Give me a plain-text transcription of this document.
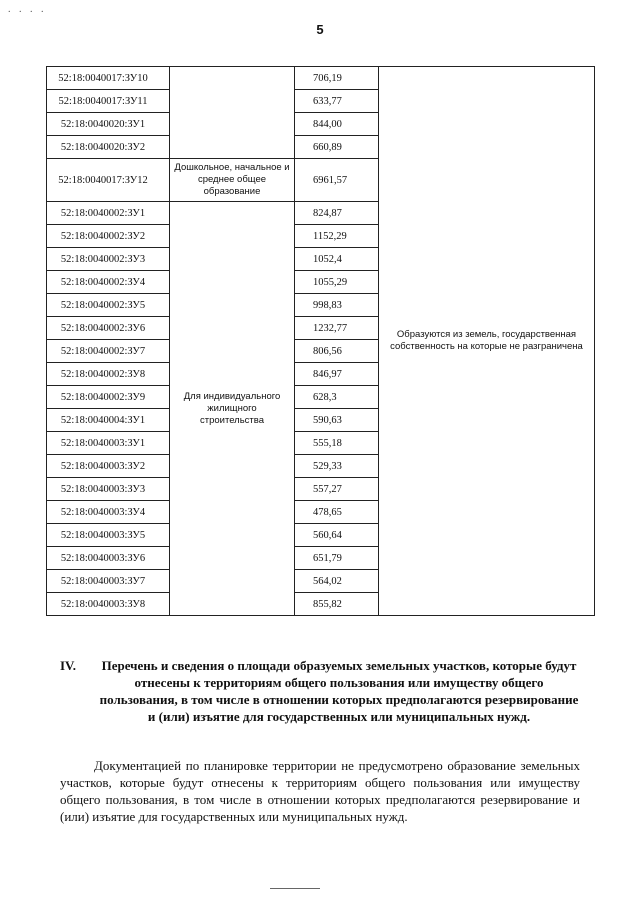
. . . .
5
52:18:0040017:ЗУ10		706,19	Образуются из земель, государственная собственность на которые не разграничена
52:18:0040017:ЗУ11		633,77	
52:18:0040020:ЗУ1		844,00	
52:18:0040020:ЗУ2		660,89	
52:18:0040017:ЗУ12	Дошкольное, начальное и среднее общее образование	6961,57	
52:18:0040002:ЗУ1	Для индивидуального жилищного строительства	824,87	
52:18:0040002:ЗУ2		1152,29	
52:18:0040002:ЗУ3		1052,4	
52:18:0040002:ЗУ4		1055,29	
52:18:0040002:ЗУ5		998,83	
52:18:0040002:ЗУ6		1232,77	
52:18:0040002:ЗУ7		806,56	
52:18:0040002:ЗУ8		846,97	
52:18:0040002:ЗУ9		628,3	
52:18:0040004:ЗУ1		590,63	
52:18:0040003:ЗУ1		555,18	
52:18:0040003:ЗУ2		529,33	
52:18:0040003:ЗУ3		557,27	
52:18:0040003:ЗУ4		478,65	
52:18:0040003:ЗУ5		560,64	
52:18:0040003:ЗУ6		651,79	
52:18:0040003:ЗУ7		564,02	
52:18:0040003:ЗУ8		855,82	
IV. Перечень и сведения о площади образуемых земельных участков, которые будут отнесены к территориям общего пользования или имуществу общего пользования, в том числе в отношении которых предполагаются резервирование и (или) изъятие для государственных или муниципальных нужд.
Документацией по планировке территории не предусмотрено образование земельных участков, которые будут отнесены к территориям общего пользования или имуществу общего пользования, в том числе в отношении которых предполагаются резервирование и (или) изъятие для государственных или муниципальных нужд.
